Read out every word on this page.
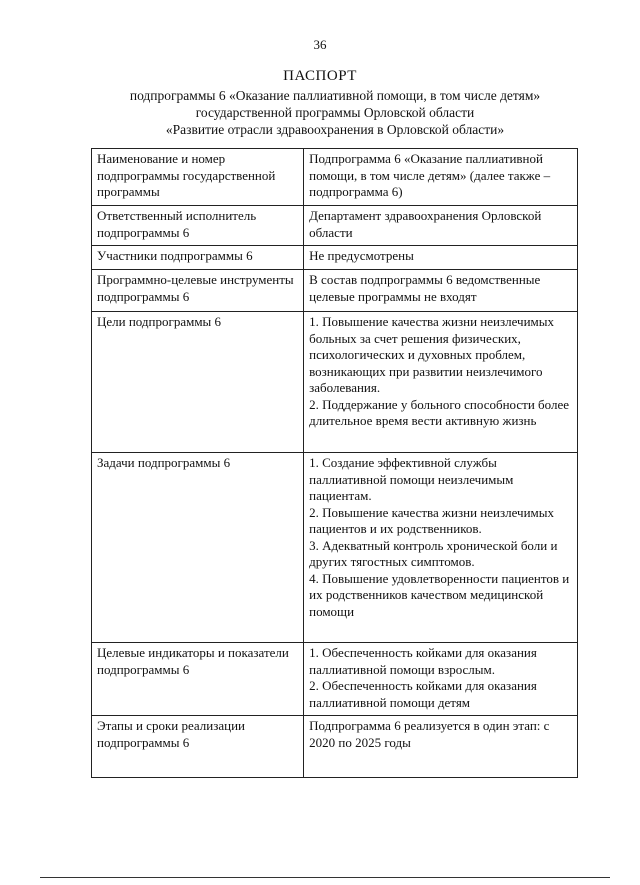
36
ПАСПОРТ
подпрограммы 6 «Оказание паллиативной помощи, в том числе детям»
государственной программы Орловской области
«Развитие отрасли здравоохранения в Орловской области»
Наименование и номер подпрограммы государственной программы	Подпрограмма 6 «Оказание паллиативной помощи, в том числе детям» (далее также – подпрограмма 6)

Ответственный исполнитель подпрограммы 6	Департамент здравоохранения Орловской области

Участники подпрограммы 6	Не предусмотрены

Программно-целевые инструменты подпрограммы 6	В состав подпрограммы 6 ведомственные целевые программы не входят

Цели подпрограммы 6	1. Повышение качества жизни неизлечимых больных за счет решения физических, психологических и духовных проблем, возникающих при развитии неизлечимого заболевания.
2. Поддержание у больного способности более длительное время вести активную жизнь

Задачи подпрограммы 6	1. Создание эффективной службы паллиативной помощи неизлечимым пациентам.
2. Повышение качества жизни неизлечимых пациентов и их родственников.
3. Адекватный контроль хронической боли и других тягостных симптомов.
4. Повышение удовлетворенности пациентов и их родственников качеством медицинской помощи

Целевые индикаторы и показатели подпрограммы 6	1. Обеспеченность койками для оказания паллиативной помощи взрослым.
2. Обеспеченность койками для оказания паллиативной помощи детям

Этапы и сроки реализации подпрограммы 6	Подпрограмма 6 реализуется в один этап: с 2020 по 2025 годы
